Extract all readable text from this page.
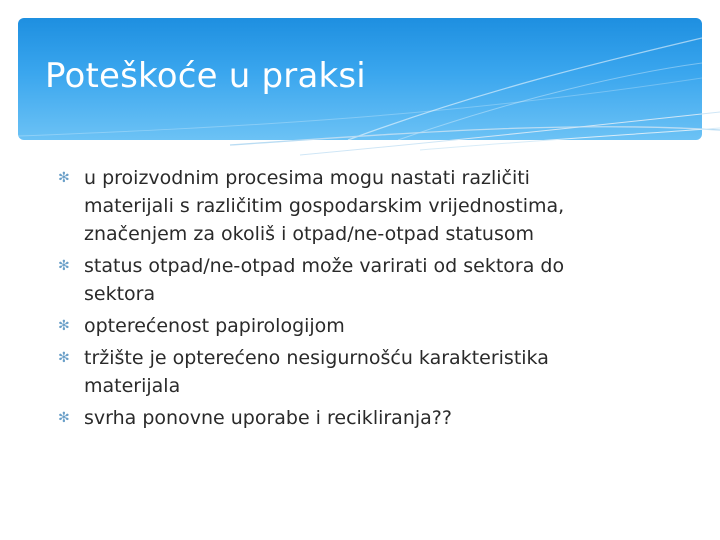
Poteškoće u praksi
✻ u proizvodnim procesima mogu nastati različiti materijali s različitim gospodarskim vrijednostima, značenjem za okoliš i otpad/ne-otpad statusom
✻ status otpad/ne-otpad može varirati od sektora do sektora
✻ opterećenost papirologijom
✻ tržište je opterećeno nesigurnošću karakteristika materijala
✻ svrha ponovne uporabe i recikliranja??
